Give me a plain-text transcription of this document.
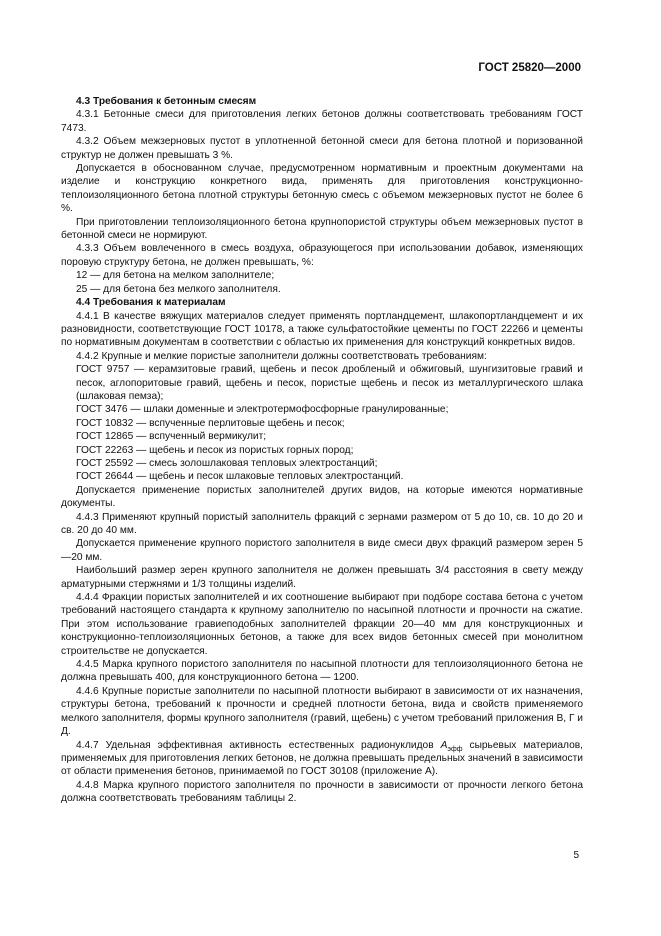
ГОСТ 25820—2000

4.3 Требования к бетонным смесям

4.3.1 Бетонные смеси для приготовления легких бетонов должны соответствовать требованиям ГОСТ 7473.

4.3.2 Объем межзерновых пустот в уплотненной бетонной смеси для бетона плотной и поризованной структур не должен превышать 3 %.

Допускается в обоснованном случае, предусмотренном нормативным и проектным документами на изделие и конструкцию конкретного вида, применять для приготовления конструкционно-теплоизоляционного бетона плотной структуры бетонную смесь с объемом межзерновых пустот не более 6 %.

При приготовлении теплоизоляционного бетона крупнопористой структуры объем межзерновых пустот в бетонной смеси не нормируют.

4.3.3 Объем вовлеченного в смесь воздуха, образующегося при использовании добавок, изменяющих поровую структуру бетона, не должен превышать, %:

12 — для бетона на мелком заполнителе;

25 — для бетона без мелкого заполнителя.

4.4 Требования к материалам

4.4.1 В качестве вяжущих материалов следует применять портландцемент, шлакопортландцемент и их разновидности, соответствующие ГОСТ 10178, а также сульфатостойкие цементы по ГОСТ 22266 и цементы по нормативным документам в соответствии с областью их применения для конструкций конкретных видов.

4.4.2 Крупные и мелкие пористые заполнители должны соответствовать требованиям:

ГОСТ 9757 — керамзитовые гравий, щебень и песок дробленый и обжиговый, шунгизитовые гравий и песок, аглопоритовые гравий, щебень и песок, пористые щебень и песок из металлургического шлака (шлаковая пемза);

ГОСТ 3476 — шлаки доменные и электротермофосфорные гранулированные;

ГОСТ 10832 — вспученные перлитовые щебень и песок;

ГОСТ 12865 — вспученный вермикулит;

ГОСТ 22263 — щебень и песок из пористых горных пород;

ГОСТ 25592 — смесь золошлаковая тепловых электростанций;

ГОСТ 26644 — щебень и песок шлаковые тепловых электростанций.

Допускается применение пористых заполнителей других видов, на которые имеются нормативные документы.

4.4.3 Применяют крупный пористый заполнитель фракций с зернами размером от 5 до 10, св. 10 до 20 и св. 20 до 40 мм.

Допускается применение крупного пористого заполнителя в виде смеси двух фракций размером зерен 5—20 мм.

Наибольший размер зерен крупного заполнителя не должен превышать 3/4 расстояния в свету между арматурными стержнями и 1/3 толщины изделий.

4.4.4 Фракции пористых заполнителей и их соотношение выбирают при подборе состава бетона с учетом требований настоящего стандарта к крупному заполнителю по насыпной плотности и прочности на сжатие. При этом использование гравиеподобных заполнителей фракции 20—40 мм для конструкционных и конструкционно-теплоизоляционных бетонов, а также для всех видов бетонных смесей при монолитном строительстве не допускается.

4.4.5 Марка крупного пористого заполнителя по насыпной плотности для теплоизоляционного бетона не должна превышать 400, для конструкционного бетона — 1200.

4.4.6 Крупные пористые заполнители по насыпной плотности выбирают в зависимости от их назначения, структуры бетона, требований к прочности и средней плотности бетона, вида и свойств применяемого мелкого заполнителя, формы крупного заполнителя (гравий, щебень) с учетом требований приложения В, Г и Д.

4.4.7 Удельная эффективная активность естественных радионуклидов $A_{эфф}$ сырьевых материалов, применяемых для приготовления легких бетонов, не должна превышать предельных значений в зависимости от области применения бетонов, принимаемой по ГОСТ 30108 (приложение А).

4.4.8 Марка крупного пористого заполнителя по прочности в зависимости от прочности легкого бетона должна соответствовать требованиям таблицы 2.

5
